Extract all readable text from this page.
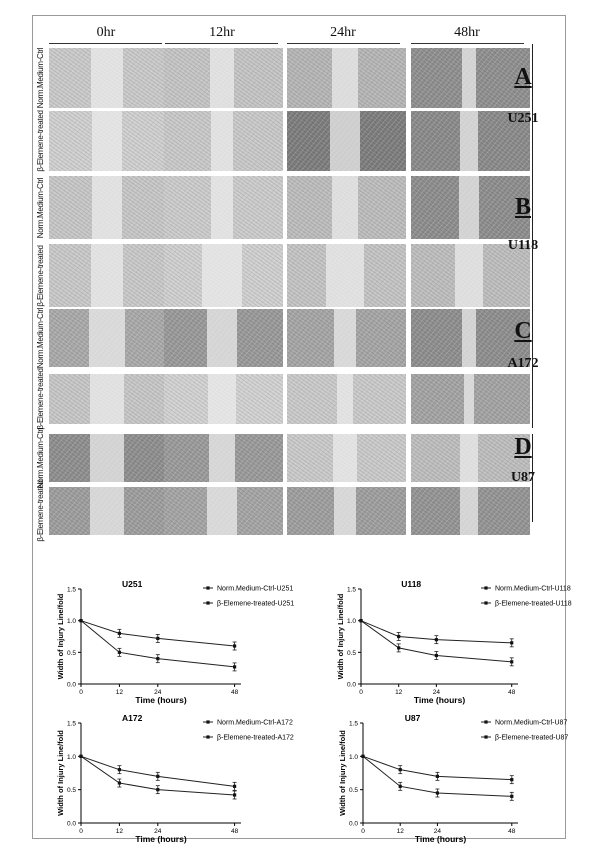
0hr	12hr	24hr	48hr
Norm.Medium-Ctrl
β-Elemene-treated
Norm.Medium-Ctrl
β-Elemene-treated
Norm.Medium-Ctrl
β-Elemene-treated
Norm.Medium-Ctrl
β-Elemene-treated
A
U251
B
U118
C
A172
D
U87
0.0
0.5
1.0
1.5
0	12	24	48
U251
Time (hours)
Width of Injury Line/fold
Norm.Medium-Ctrl-U251
β-Elemene-treated-U251
0.0
0.5
1.0
1.5
0	12	24	48
U118
Time (hours)
Width of Injury Line/fold
Norm.Medium-Ctrl-U118
β-Elemene-treated-U118
0.0
0.5
1.0
1.5
0	12	24	48
A172
Time (hours)
Width of Injury Line/fold
Norm.Medium-Ctrl-A172
β-Elemene-treated-A172
0.0
0.5
1.0
1.5
0	12	24	48
U87
Time (hours)
Width of Injury Line/fold
Norm.Medium-Ctrl-U87
β-Elemene-treated-U87
